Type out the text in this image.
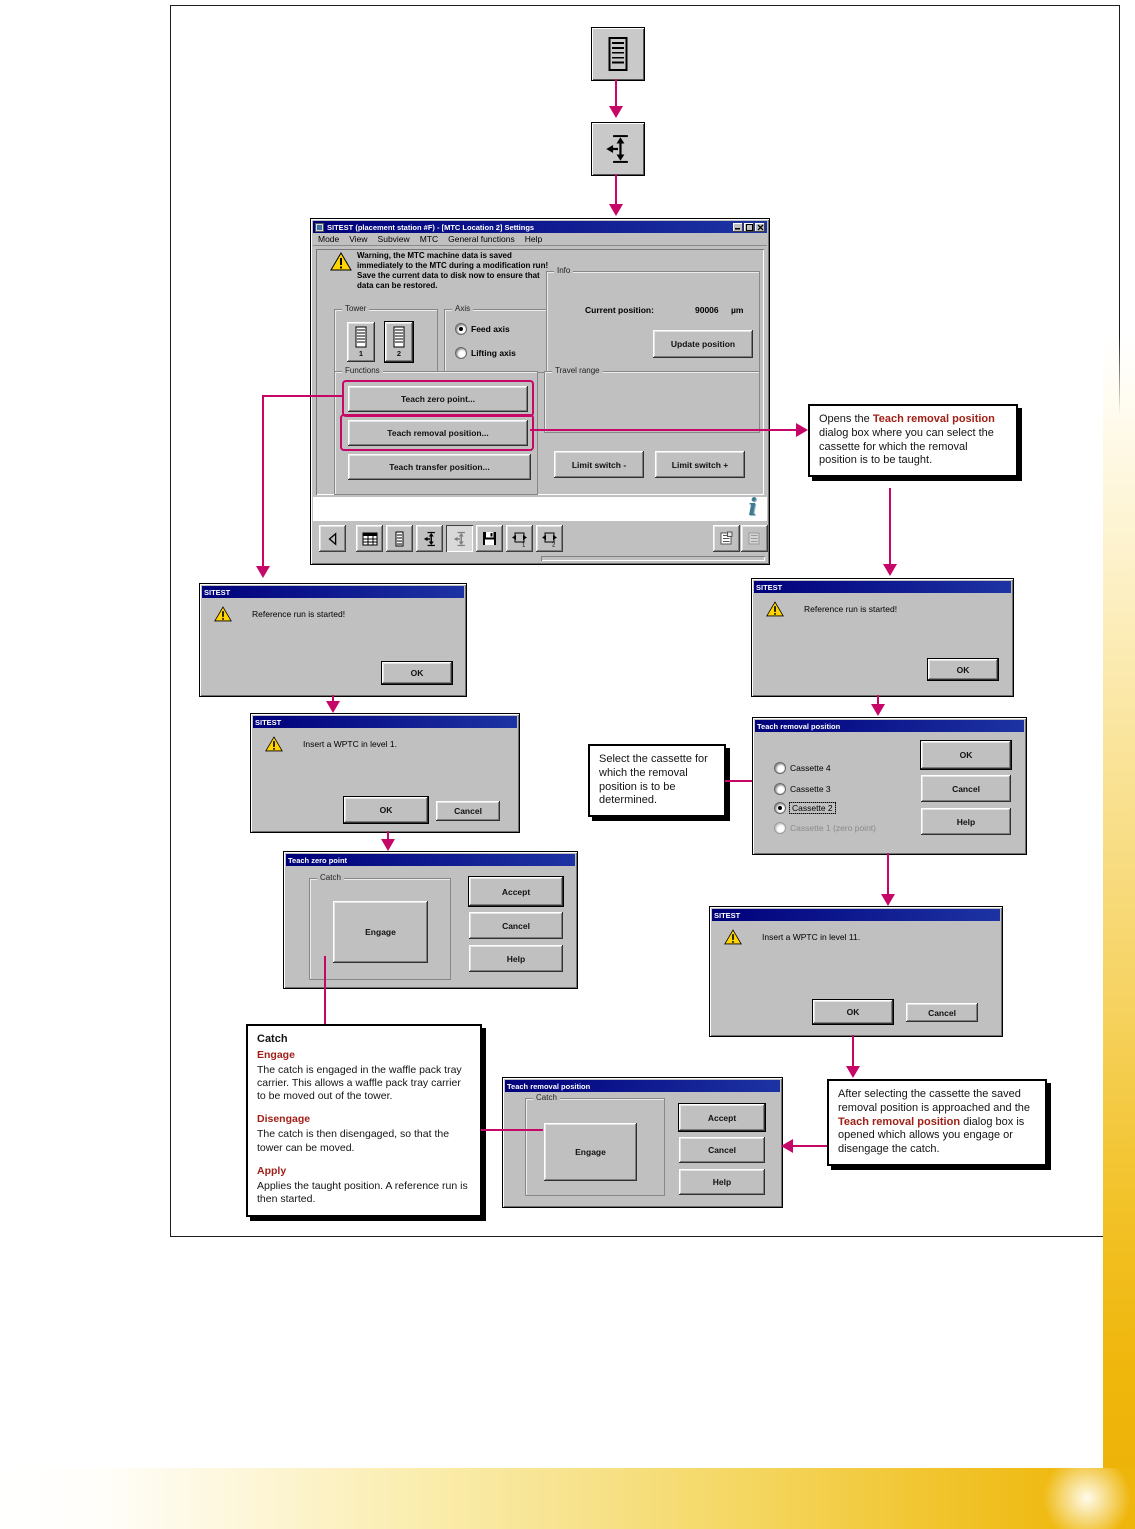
SITEST (placement station #F) - [MTC Location 2] Settings
Mode View Subview MTC General functions Help
Warning, the MTC machine data is saved
immediately to the MTC during a modification run!
Save the current data to disk now to ensure that
data can be restored.
Tower
1	2
Axis
Feed axis
Lifting axis
Info
Current position:	90006 µm
Update position
Functions
Teach zero point...
Teach removal position...
Teach transfer position...
Travel range
Limit switch -	Limit switch +
i
1	2
Opens the Teach removal position dialog box where you can select the cassette for which the removal position is to be taught.
SITEST
Reference run is started!
OK
SITEST
Reference run is started!
OK
SITEST
Insert a WPTC in level 1.
OK	Cancel
Teach zero point
Catch
Engage
Accept
Cancel
Help
Select the cassette for which the removal position is to be determined.
Teach removal position
Cassette 4
Cassette 3
Cassette 2
Cassette 1 (zero point)
OK
Cancel
Help
SITEST
Insert a WPTC in level 11.
OK	Cancel

Catch

Engage

The catch is engaged in the waffle pack tray carrier. This allows a waffle pack tray carrier to be moved out of the tower.

Disengage

The catch is then disengaged, so that the tower can be moved.

Apply

Applies the taught position. A reference run is then started.

Teach removal position
Catch
Engage
Accept
Cancel
Help
After selecting the cassette the saved removal position is approached and the Teach removal position dialog box is opened which allows you engage or disengage the catch.
